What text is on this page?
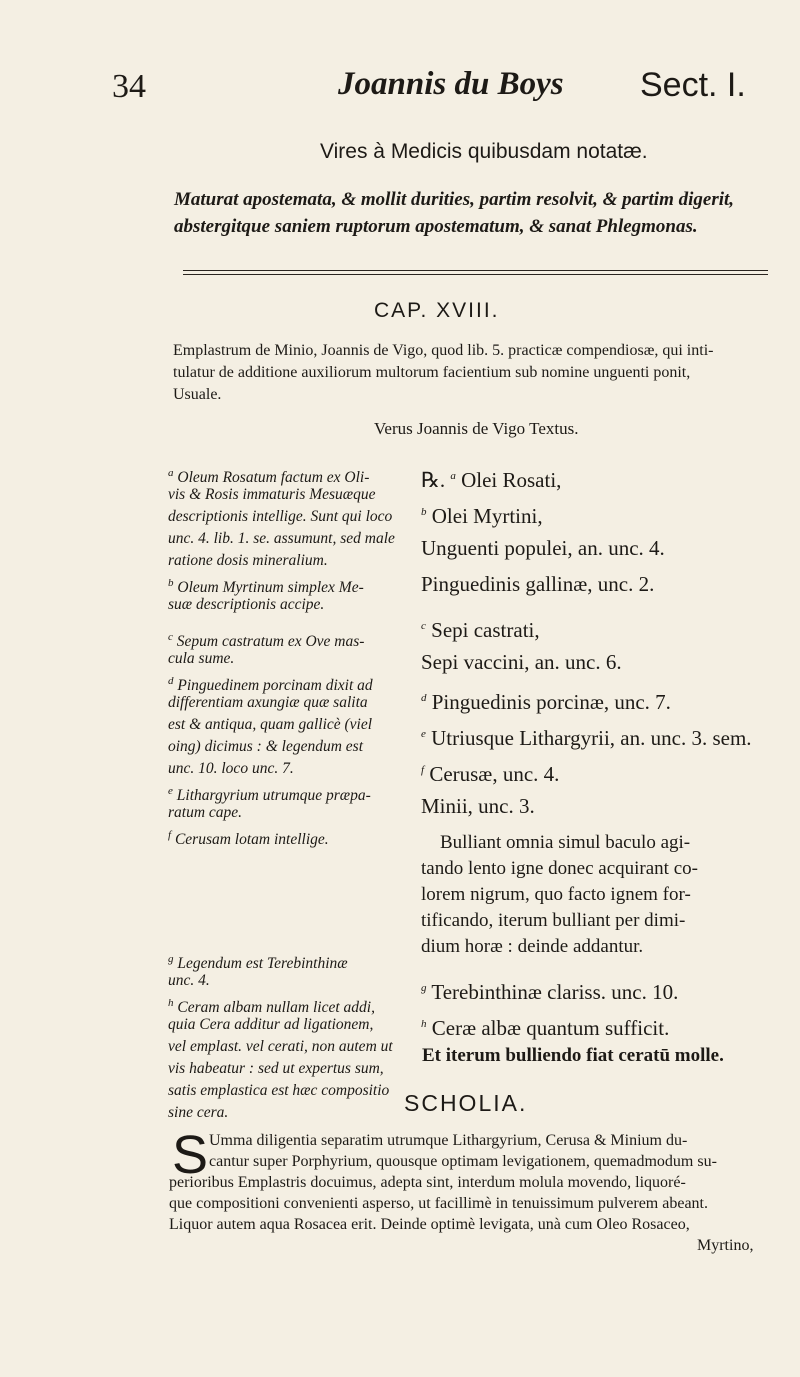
34	Joannis du Boys Sect. I.
Vires à Medicis quibusdam notatæ.
Maturat apostemata, & mollit durities, partim resolvit, & partim digerit,
abstergitque saniem ruptorum apostematum, & sanat Phlegmonas.
CAP. XVIII.
Emplastrum de Minio, Joannis de Vigo, quod lib. 5. practicæ compendiosæ, qui inti-
tulatur de additione auxiliorum multorum facientium sub nomine unguenti ponit,
Usuale.
Verus Joannis de Vigo Textus.
$^a$ Oleum Rosatum factum ex Oli-
vis & Rosis immaturis Mesuæque
descriptionis intellige. Sunt qui loco
unc. 4. lib. 1. se. assumunt, sed male
ratione dosis mineralium.
$^b$ Oleum Myrtinum simplex Me-
suæ descriptionis accipe.
$^c$ Sepum castratum ex Ove mas-
cula sume.
$^d$ Pinguedinem porcinam dixit ad
differentiam axungiæ quæ salita
est & antiqua, quam gallicè (viel
oing) dicimus : & legendum est
unc. 10. loco unc. 7.
$^e$ Lithargyrium utrumque præpa-
ratum cape.
$^f$ Cerusam lotam intellige.
$^g$ Legendum est Terebinthinæ
unc. 4.
$^h$ Ceram albam nullam licet addi,
quia Cera additur ad ligationem,
vel emplast. vel cerati, non autem ut
vis habeatur : sed ut expertus sum,
satis emplastica est hæc compositio
sine cera.
℞. $^a$ Olei Rosati,
$^b$ Olei Myrtini,
Unguenti populei, an. unc. 4.
Pinguedinis gallinæ, unc. 2.
$^c$ Sepi castrati,
Sepi vaccini, an. unc. 6.
$^d$ Pinguedinis porcinæ, unc. 7.
$^e$ Utriusque Lithargyrii, an. unc. 3. sem.
$^f$ Cerusæ, unc. 4.
Minii, unc. 3.
Bulliant omnia simul baculo agi-
tando lento igne donec acquirant co-
lorem nigrum, quo facto ignem for-
tificando, iterum bulliant per dimi-
dium horæ : deinde addantur.
$^g$ Terebinthinæ clariss. unc. 10.
$^h$ Ceræ albæ quantum sufficit.
Et iterum bulliendo fiat ceratū molle.
SCHOLIA.
S Umma diligentia separatim utrumque Lithargyrium, Cerusa & Minium du-
cantur super Porphyrium, quousque optimam levigationem, quemadmodum su-
perioribus Emplastris docuimus, adepta sint, interdum molula movendo, liquoré-
que compositioni convenienti asperso, ut facillimè in tenuissimum pulverem abeant.
Liquor autem aqua Rosacea erit. Deinde optimè levigata, unà cum Oleo Rosaceo,
Myrtino,
